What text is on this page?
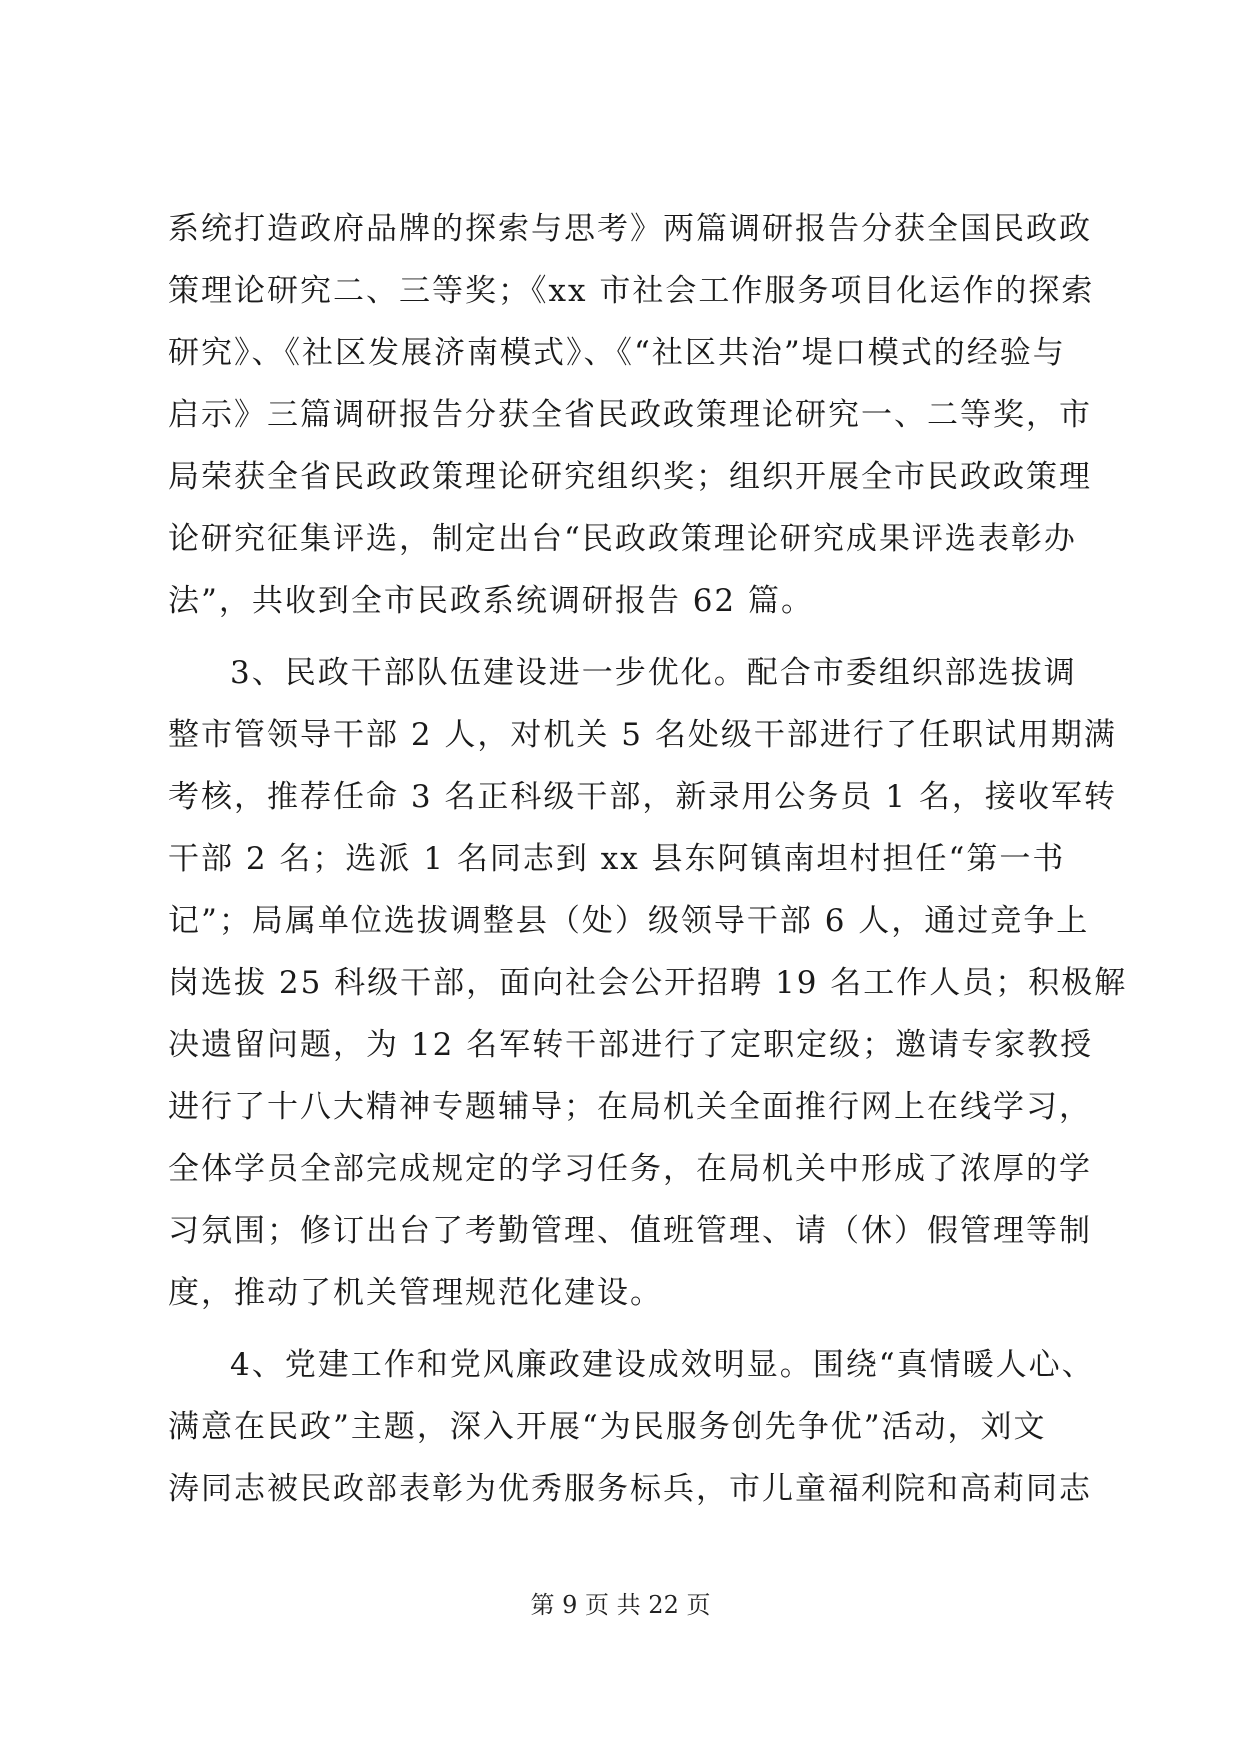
系统打造政府品牌的探索与思考》两篇调研报告分获全国民政政
策理论研究二、三等奖；《xx 市社会工作服务项目化运作的探索
研究》、《社区发展济南模式》、《“社区共治”堤口模式的经验与
启示》三篇调研报告分获全省民政政策理论研究一、二等奖，市
局荣获全省民政政策理论研究组织奖；组织开展全市民政政策理
论研究征集评选，制定出台“民政政策理论研究成果评选表彰办
法”，共收到全市民政系统调研报告 62 篇。
3、民政干部队伍建设进一步优化。配合市委组织部选拔调
整市管领导干部 2 人，对机关 5 名处级干部进行了任职试用期满
考核，推荐任命 3 名正科级干部，新录用公务员 1 名，接收军转
干部 2 名；选派 1 名同志到 xx 县东阿镇南坦村担任“第一书
记”；局属单位选拔调整县（处）级领导干部 6 人，通过竞争上
岗选拔 25 科级干部，面向社会公开招聘 19 名工作人员；积极解
决遗留问题，为 12 名军转干部进行了定职定级；邀请专家教授
进行了十八大精神专题辅导；在局机关全面推行网上在线学习，
全体学员全部完成规定的学习任务，在局机关中形成了浓厚的学
习氛围；修订出台了考勤管理、值班管理、请（休）假管理等制
度，推动了机关管理规范化建设。
4、党建工作和党风廉政建设成效明显。围绕“真情暖人心、
满意在民政”主题，深入开展“为民服务创先争优”活动，刘文
涛同志被民政部表彰为优秀服务标兵，市儿童福利院和高莉同志
第 9 页 共 22 页
